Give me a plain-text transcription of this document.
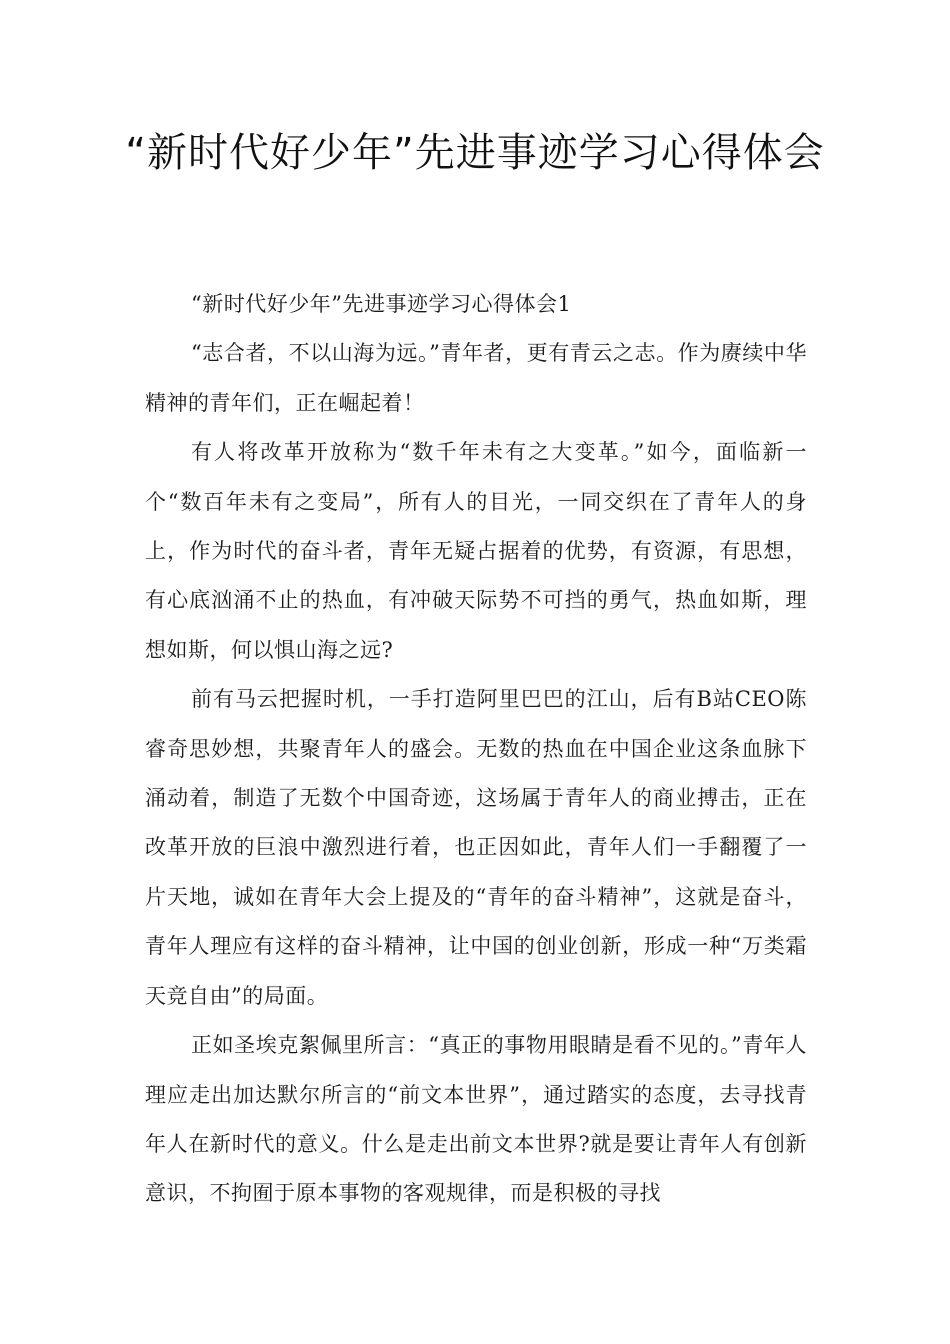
“新时代好少年”先进事迹学习心得体会

“新时代好少年”先进事迹学习心得体会1

“志合者，不以山海为远。”青年者，更有青云之志。作为赓续中华精神的青年们，正在崛起着！

有人将改革开放称为“数千年未有之大变革。”如今，面临新一个“数百年未有之变局”，所有人的目光，一同交织在了青年人的身上，作为时代的奋斗者，青年无疑占据着的优势，有资源，有思想，有心底汹涌不止的热血，有冲破天际势不可挡的勇气，热血如斯，理想如斯，何以惧山海之远?

前有马云把握时机，一手打造阿里巴巴的江山，后有B站CEO陈睿奇思妙想，共聚青年人的盛会。无数的热血在中国企业这条血脉下涌动着，制造了无数个中国奇迹，这场属于青年人的商业搏击，正在改革开放的巨浪中激烈进行着，也正因如此，青年人们一手翻覆了一片天地，诚如在青年大会上提及的“青年的奋斗精神”，这就是奋斗，青年人理应有这样的奋斗精神，让中国的创业创新，形成一种“万类霜天竞自由”的局面。

正如圣埃克絮佩里所言：“真正的事物用眼睛是看不见的。”青年人理应走出加达默尔所言的“前文本世界”，通过踏实的态度，去寻找青年人在新时代的意义。什么是走出前文本世界?就是要让青年人有创新意识，不拘囿于原本事物的客观规律，而是积极的寻找
